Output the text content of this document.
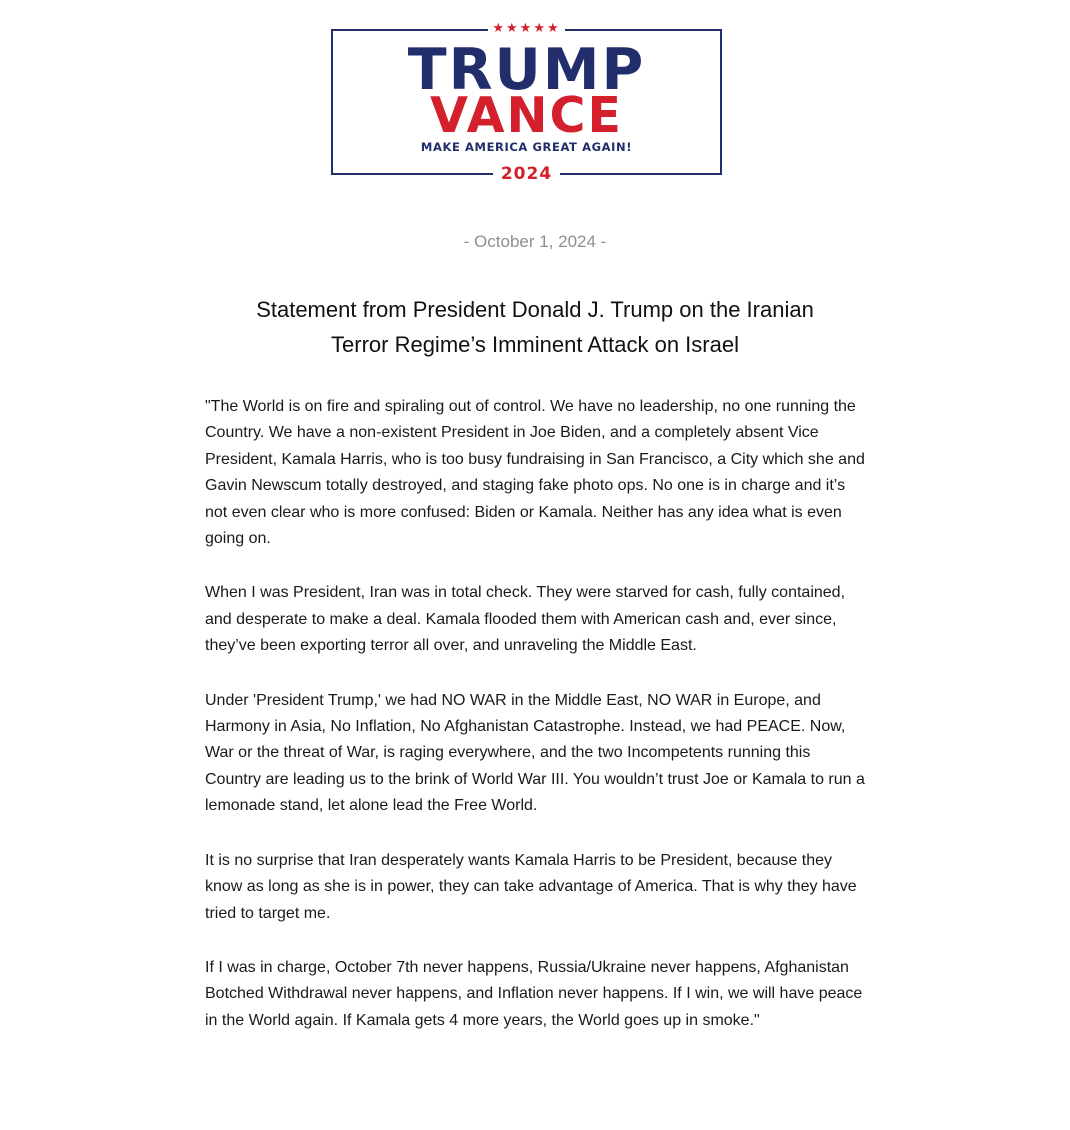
★★★★★
TRUMP
VANCE
MAKE AMERICA GREAT AGAIN!
2024
- October 1, 2024 -
Statement from President Donald J. Trump on the Iranian
Terror Regime’s Imminent Attack on Israel

"The World is on fire and spiraling out of control. We have no leadership, no one running the Country. We have a non-existent President in Joe Biden, and a completely absent Vice President, Kamala Harris, who is too busy fundraising in San Francisco, a City which she and Gavin Newscum totally destroyed, and staging fake photo ops. No one is in charge and it’s not even clear who is more confused: Biden or Kamala. Neither has any idea what is even going on.

When I was President, Iran was in total check. They were starved for cash, fully contained, and desperate to make a deal. Kamala flooded them with American cash and, ever since, they’ve been exporting terror all over, and unraveling the Middle East.

Under 'President Trump,' we had NO WAR in the Middle East, NO WAR in Europe, and Harmony in Asia, No Inflation, No Afghanistan Catastrophe. Instead, we had PEACE. Now, War or the threat of War, is raging everywhere, and the two Incompetents running this Country are leading us to the brink of World War III. You wouldn’t trust Joe or Kamala to run a lemonade stand, let alone lead the Free World.

It is no surprise that Iran desperately wants Kamala Harris to be President, because they know as long as she is in power, they can take advantage of America. That is why they have tried to target me.

If I was in charge, October 7th never happens, Russia/Ukraine never happens, Afghanistan Botched Withdrawal never happens, and Inflation never happens. If I win, we will have peace in the World again. If Kamala gets 4 more years, the World goes up in smoke."
